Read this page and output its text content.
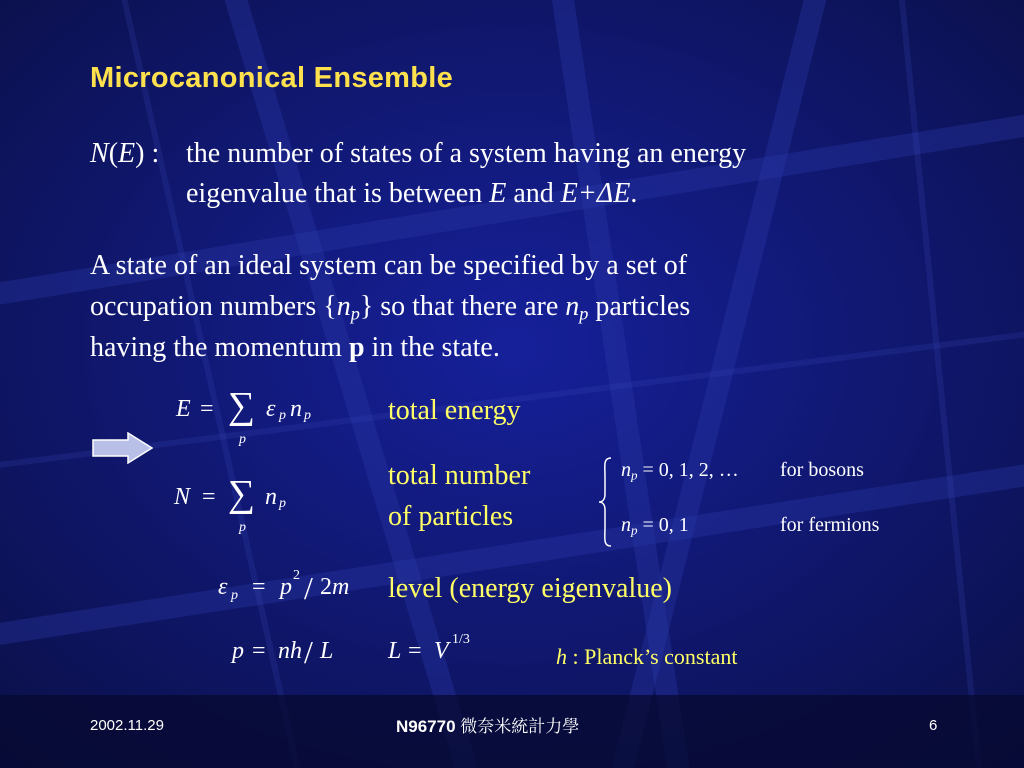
Microcanonical Ensemble
N(E) : the number of states of a system having an energy
eigenvalue that is between E and E+ΔE.
A state of an ideal system can be specified by a set of
occupation numbers $\{n_p\}$ so that there are $n_p$ particles
having the momentum p in the state.
E = ∑
p
ε p n p	total energy
N = ∑
p
n p
total number
of particles
$n_p = 0$, 1, 2, … for bosons
$n_p = 0$, 1	for fermions
ε p = p 2 / 2m level (energy eigenvalue)
p = nh / L L = V 1/3
h : Planck’s constant
2002.11.29	N96770 微奈米統計力學	6
